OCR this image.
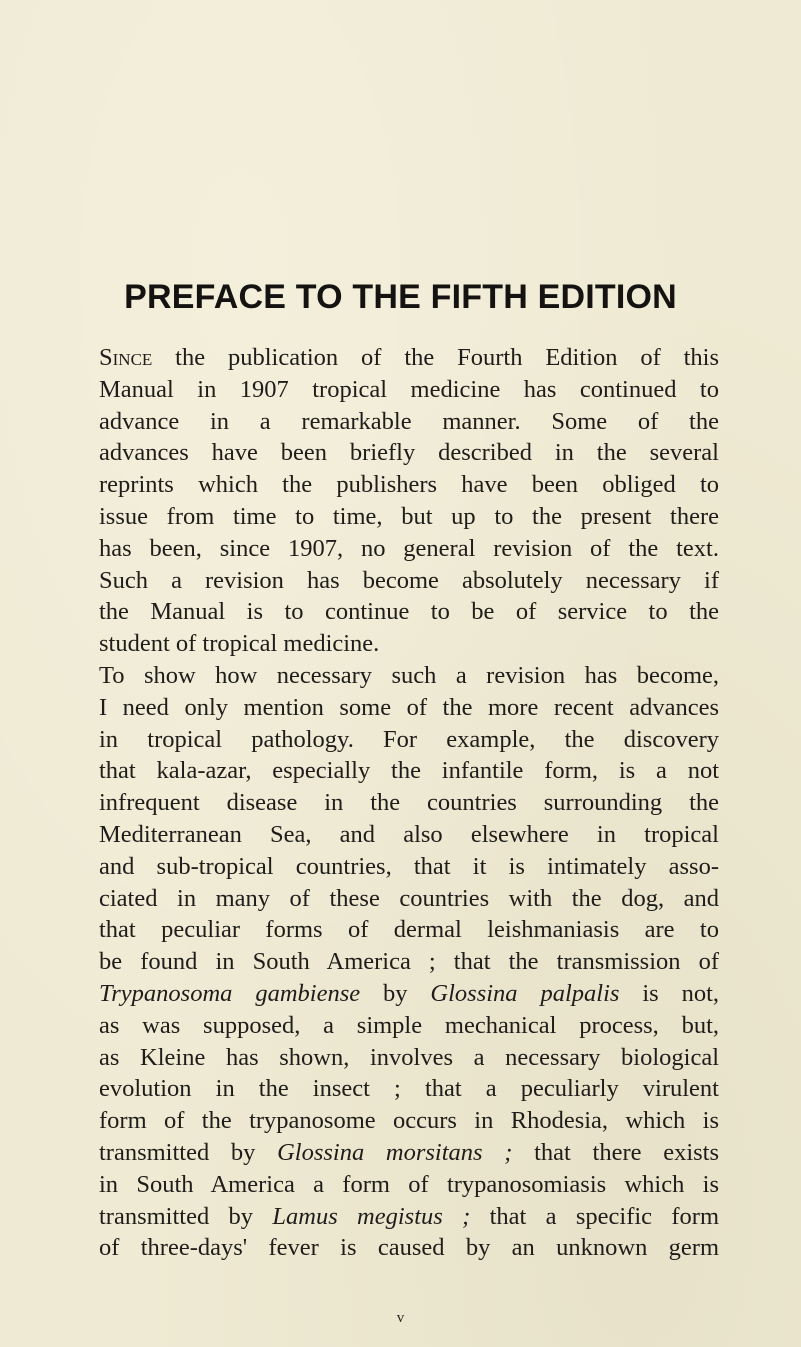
PREFACE TO THE FIFTH EDITION
Since the publication of the Fourth Edition of this
Manual in 1907 tropical medicine has continued to
advance in a remarkable manner. Some of the
advances have been briefly described in the several
reprints which the publishers have been obliged to
issue from time to time, but up to the present there
has been, since 1907, no general revision of the text.
Such a revision has become absolutely necessary if
the Manual is to continue to be of service to the
student of tropical medicine.
To show how necessary such a revision has become,
I need only mention some of the more recent advances
in tropical pathology. For example, the discovery
that kala-azar, especially the infantile form, is a not
infrequent disease in the countries surrounding the
Mediterranean Sea, and also elsewhere in tropical
and sub-tropical countries, that it is intimately asso-
ciated in many of these countries with the dog, and
that peculiar forms of dermal leishmaniasis are to
be found in South America ; that the transmission of
Trypanosoma gambiense by Glossina palpalis is not,
as was supposed, a simple mechanical process, but,
as Kleine has shown, involves a necessary biological
evolution in the insect ; that a peculiarly virulent
form of the trypanosome occurs in Rhodesia, which is
transmitted by Glossina morsitans ; that there exists
in South America a form of trypanosomiasis which is
transmitted by Lamus megistus ; that a specific form
of three-days' fever is caused by an unknown germ
v
